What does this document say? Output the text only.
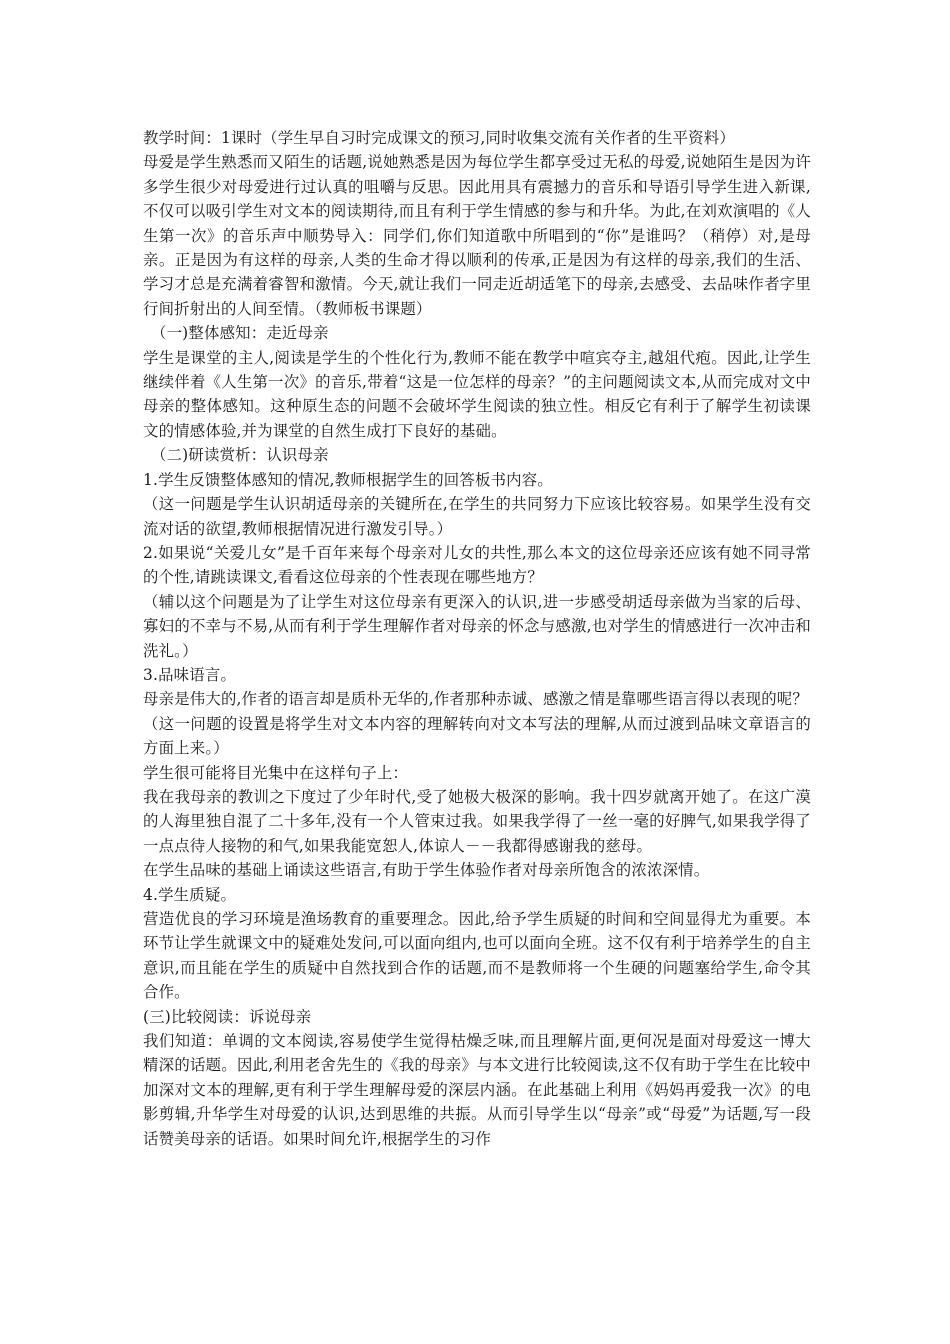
教学时间：1课时（学生早自习时完成课文的预习,同时收集交流有关作者的生平资料）

母爱是学生熟悉而又陌生的话题,说她熟悉是因为每位学生都享受过无私的母爱,说她陌生是因为许多学生很少对母爱进行过认真的咀嚼与反思。因此用具有震撼力的音乐和导语引导学生进入新课,不仅可以吸引学生对文本的阅读期待,而且有利于学生情感的参与和升华。为此,在刘欢演唱的《人生第一次》的音乐声中顺势导入：同学们,你们知道歌中所唱到的“你”是谁吗？（稍停）对,是母亲。正是因为有这样的母亲,人类的生命才得以顺利的传承,正是因为有这样的母亲,我们的生活、学习才总是充满着睿智和激情。今天,就让我们一同走近胡适笔下的母亲,去感受、去品味作者字里行间折射出的人间至情。（教师板书课题）

（一)整体感知：走近母亲

学生是课堂的主人,阅读是学生的个性化行为,教师不能在教学中喧宾夺主,越俎代疱。因此,让学生继续伴着《人生第一次》的音乐,带着“这是一位怎样的母亲？”的主问题阅读文本,从而完成对文中母亲的整体感知。这种原生态的问题不会破坏学生阅读的独立性。相反它有利于了解学生初读课文的情感体验,并为课堂的自然生成打下良好的基础。

（二)研读赏析：认识母亲

1.学生反馈整体感知的情况,教师根据学生的回答板书内容。

（这一问题是学生认识胡适母亲的关键所在,在学生的共同努力下应该比较容易。如果学生没有交流对话的欲望,教师根据情况进行激发引导。）

2.如果说“关爱儿女”是千百年来每个母亲对儿女的共性,那么本文的这位母亲还应该有她不同寻常的个性,请跳读课文,看看这位母亲的个性表现在哪些地方？

（辅以这个问题是为了让学生对这位母亲有更深入的认识,进一步感受胡适母亲做为当家的后母、寡妇的不幸与不易,从而有利于学生理解作者对母亲的怀念与感激,也对学生的情感进行一次冲击和洗礼。）

3.品味语言。

母亲是伟大的,作者的语言却是质朴无华的,作者那种赤诚、感激之情是靠哪些语言得以表现的呢？

（这一问题的设置是将学生对文本内容的理解转向对文本写法的理解,从而过渡到品味文章语言的方面上来。）

学生很可能将目光集中在这样句子上：

我在我母亲的教训之下度过了少年时代,受了她极大极深的影响。我十四岁就离开她了。在这广漠的人海里独自混了二十多年,没有一个人管束过我。如果我学得了一丝一毫的好脾气,如果我学得了一点点待人接物的和气,如果我能宽恕人,体谅人－－我都得感谢我的慈母。

在学生品味的基础上诵读这些语言,有助于学生体验作者对母亲所饱含的浓浓深情。

4.学生质疑。

营造优良的学习环境是渔场教育的重要理念。因此,给予学生质疑的时间和空间显得尤为重要。本环节让学生就课文中的疑难处发问,可以面向组内,也可以面向全班。这不仅有利于培养学生的自主意识,而且能在学生的质疑中自然找到合作的话题,而不是教师将一个生硬的问题塞给学生,命令其合作。

(三)比较阅读：诉说母亲

我们知道：单调的文本阅读,容易使学生觉得枯燥乏味,而且理解片面,更何况是面对母爱这一博大精深的话题。因此,利用老舍先生的《我的母亲》与本文进行比较阅读,这不仅有助于学生在比较中加深对文本的理解,更有利于学生理解母爱的深层内涵。在此基础上利用《妈妈再爱我一次》的电影剪辑,升华学生对母爱的认识,达到思维的共振。从而引导学生以“母亲”或“母爱”为话题,写一段话赞美母亲的话语。如果时间允许,根据学生的习作
